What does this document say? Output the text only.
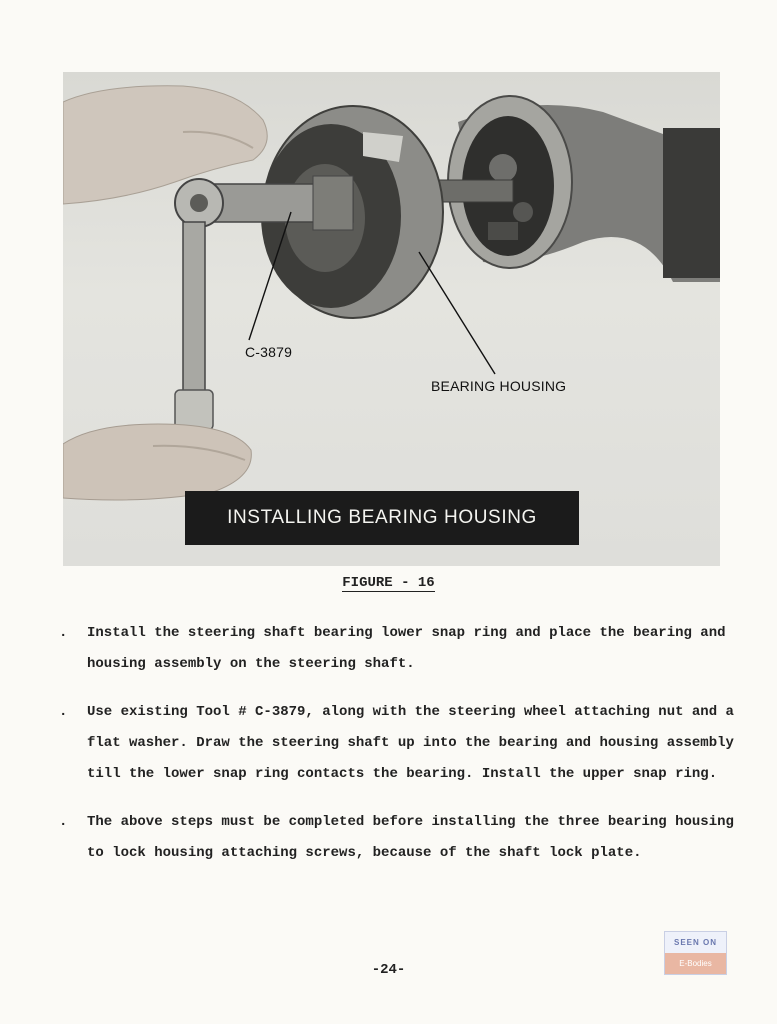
C-3879
BEARING HOUSING
INSTALLING BEARING HOUSING
FIGURE - 16
. Install the steering shaft bearing lower snap ring and place the bearing and housing assembly on the steering shaft.
. Use existing Tool # C-3879, along with the steering wheel attaching nut and a flat washer. Draw the steering shaft up into the bearing and housing assembly till the lower snap ring contacts the bearing. Install the upper snap ring.
. The above steps must be completed before installing the three bearing housing to lock housing attaching screws, because of the shaft lock plate.
-24-
SEEN ON
E-Bodies
